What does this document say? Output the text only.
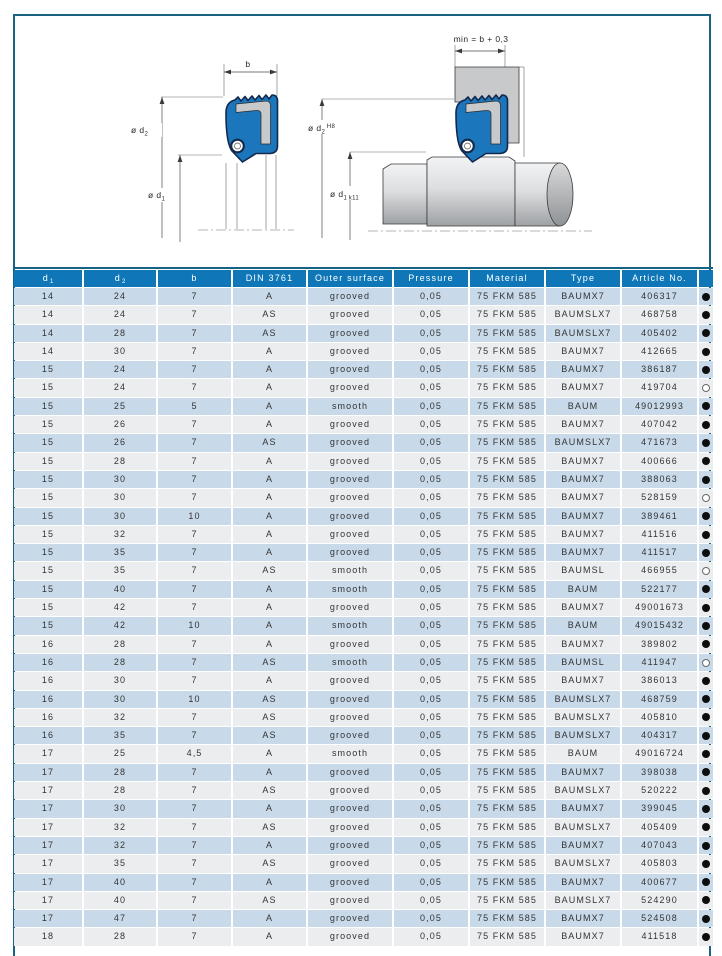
b
ø $d_2$
ø $d_1$
min = b + 0,3
ø $d_2^{H8}$
ø $d_1$ k11
$d_1$	$d_2$	b	DIN 3761	Outer surface	Pressure	Material	Type	Article No.
14	24	7	A	grooved	0,05	75 FKM 585	BAUMX7	406317
14	24	7	AS	grooved	0,05	75 FKM 585	BAUMSLX7	468758
14	28	7	AS	grooved	0,05	75 FKM 585	BAUMSLX7	405402
14	30	7	A	grooved	0,05	75 FKM 585	BAUMX7	412665
15	24	7	A	grooved	0,05	75 FKM 585	BAUMX7	386187
15	24	7	A	grooved	0,05	75 FKM 585	BAUMX7	419704
15	25	5	A	smooth	0,05	75 FKM 585	BAUM	49012993
15	26	7	A	grooved	0,05	75 FKM 585	BAUMX7	407042
15	26	7	AS	grooved	0,05	75 FKM 585	BAUMSLX7	471673
15	28	7	A	grooved	0,05	75 FKM 585	BAUMX7	400666
15	30	7	A	grooved	0,05	75 FKM 585	BAUMX7	388063
15	30	7	A	grooved	0,05	75 FKM 585	BAUMX7	528159
15	30	10	A	grooved	0,05	75 FKM 585	BAUMX7	389461
15	32	7	A	grooved	0,05	75 FKM 585	BAUMX7	411516
15	35	7	A	grooved	0,05	75 FKM 585	BAUMX7	411517
15	35	7	AS	smooth	0,05	75 FKM 585	BAUMSL	466955
15	40	7	A	smooth	0,05	75 FKM 585	BAUM	522177
15	42	7	A	grooved	0,05	75 FKM 585	BAUMX7	49001673
15	42	10	A	smooth	0,05	75 FKM 585	BAUM	49015432
16	28	7	A	grooved	0,05	75 FKM 585	BAUMX7	389802
16	28	7	AS	smooth	0,05	75 FKM 585	BAUMSL	411947
16	30	7	A	grooved	0,05	75 FKM 585	BAUMX7	386013
16	30	10	AS	grooved	0,05	75 FKM 585	BAUMSLX7	468759
16	32	7	AS	grooved	0,05	75 FKM 585	BAUMSLX7	405810
16	35	7	AS	grooved	0,05	75 FKM 585	BAUMSLX7	404317
17	25	4,5	A	smooth	0,05	75 FKM 585	BAUM	49016724
17	28	7	A	grooved	0,05	75 FKM 585	BAUMX7	398038
17	28	7	AS	grooved	0,05	75 FKM 585	BAUMSLX7	520222
17	30	7	A	grooved	0,05	75 FKM 585	BAUMX7	399045
17	32	7	AS	grooved	0,05	75 FKM 585	BAUMSLX7	405409
17	32	7	A	grooved	0,05	75 FKM 585	BAUMX7	407043
17	35	7	AS	grooved	0,05	75 FKM 585	BAUMSLX7	405803
17	40	7	A	grooved	0,05	75 FKM 585	BAUMX7	400677
17	40	7	AS	grooved	0,05	75 FKM 585	BAUMSLX7	524290
17	47	7	A	grooved	0,05	75 FKM 585	BAUMX7	524508
18	28	7	A	grooved	0,05	75 FKM 585	BAUMX7	411518
